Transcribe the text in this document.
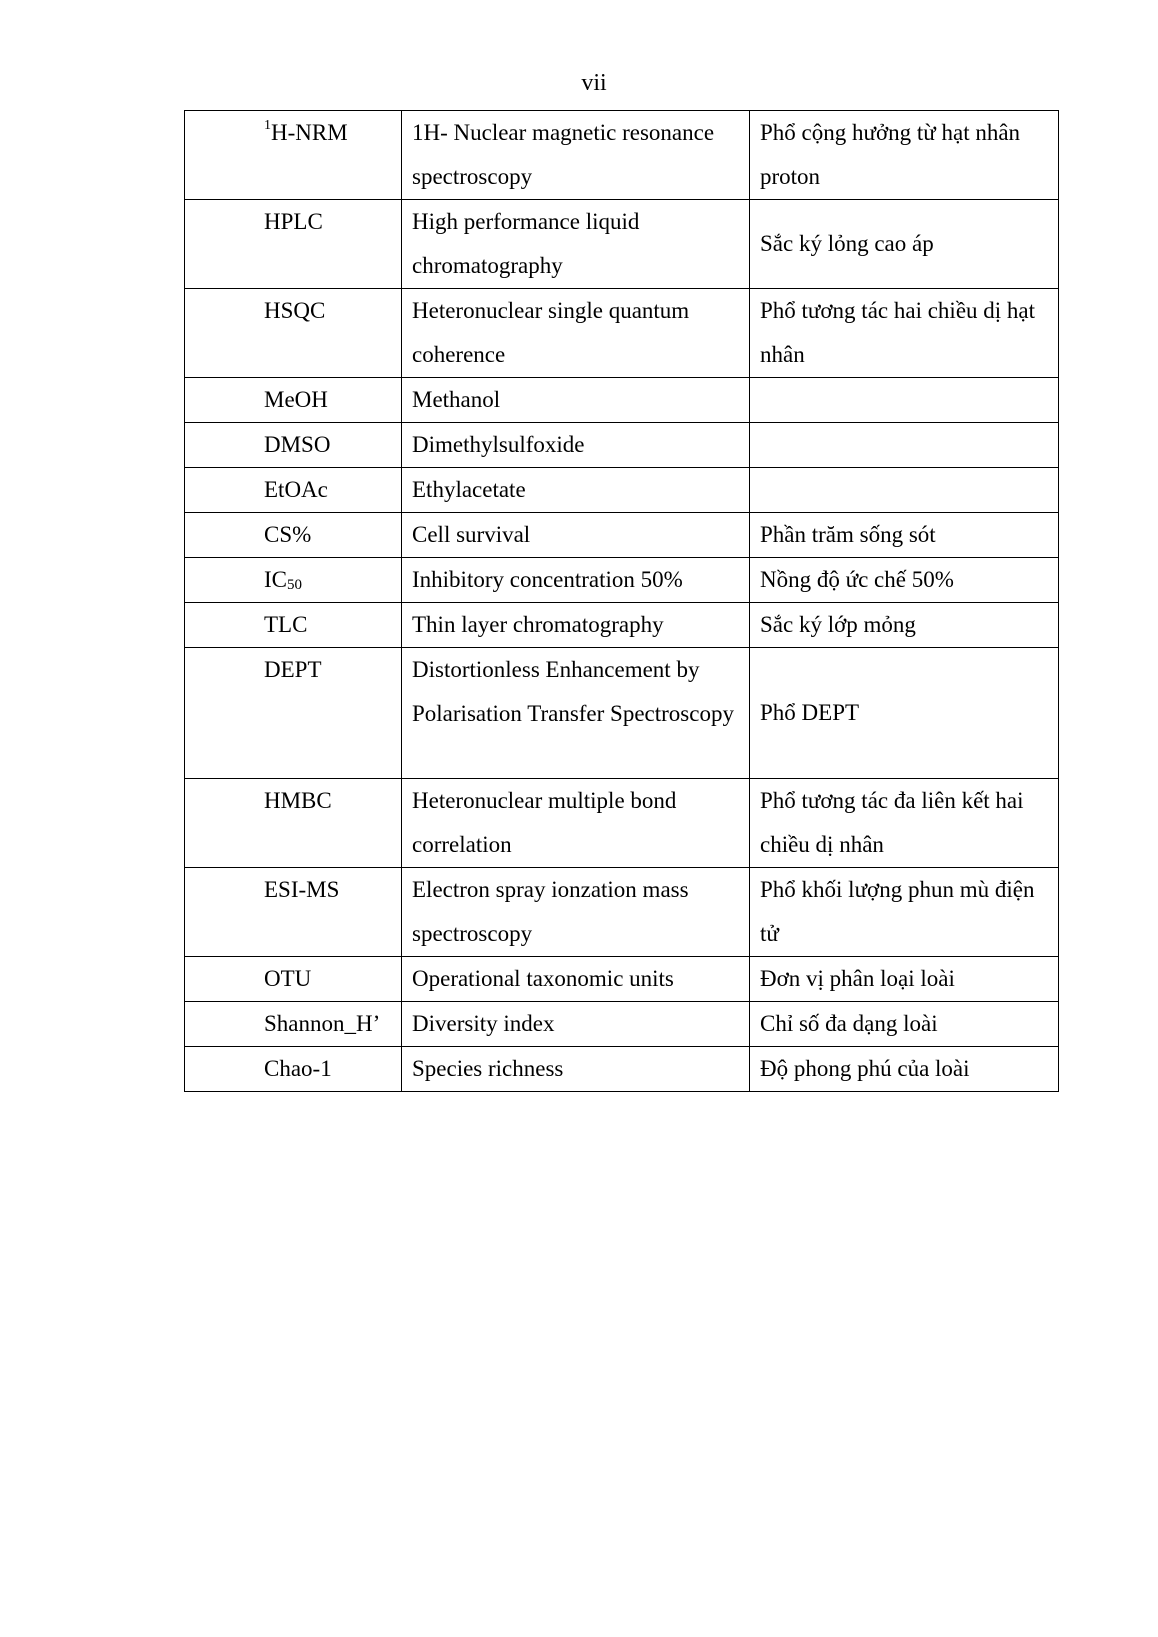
vii
$^1$H-NRM	1H- Nuclear magnetic resonance spectroscopy	Phổ cộng hưởng từ hạt nhân proton

HPLC	High performance liquid chromatography	Sắc ký lỏng cao áp

HSQC	Heteronuclear single quantum coherence	Phổ tương tác hai chiều dị hạt nhân

MeOH	Methanol	
DMSO	Dimethylsulfoxide	
EtOAc	Ethylacetate	
CS%	Cell survival	Phần trăm sống sót
$IC_{50}$	Inhibitory concentration 50%	Nồng độ ức chế 50%
TLC	Thin layer chromatography	Sắc ký lớp mỏng
DEPT	Distortionless Enhancement by Polarisation Transfer Spectroscopy	Phổ DEPT

HMBC	Heteronuclear multiple bond correlation	Phổ tương tác đa liên kết hai chiều dị nhân

ESI-MS	Electron spray ionzation mass spectroscopy	Phổ khối lượng phun mù điện tử

OTU	Operational taxonomic units	Đơn vị phân loại loài
Shannon_H’	Diversity index	Chỉ số đa dạng loài
Chao-1	Species richness	Độ phong phú của loài
